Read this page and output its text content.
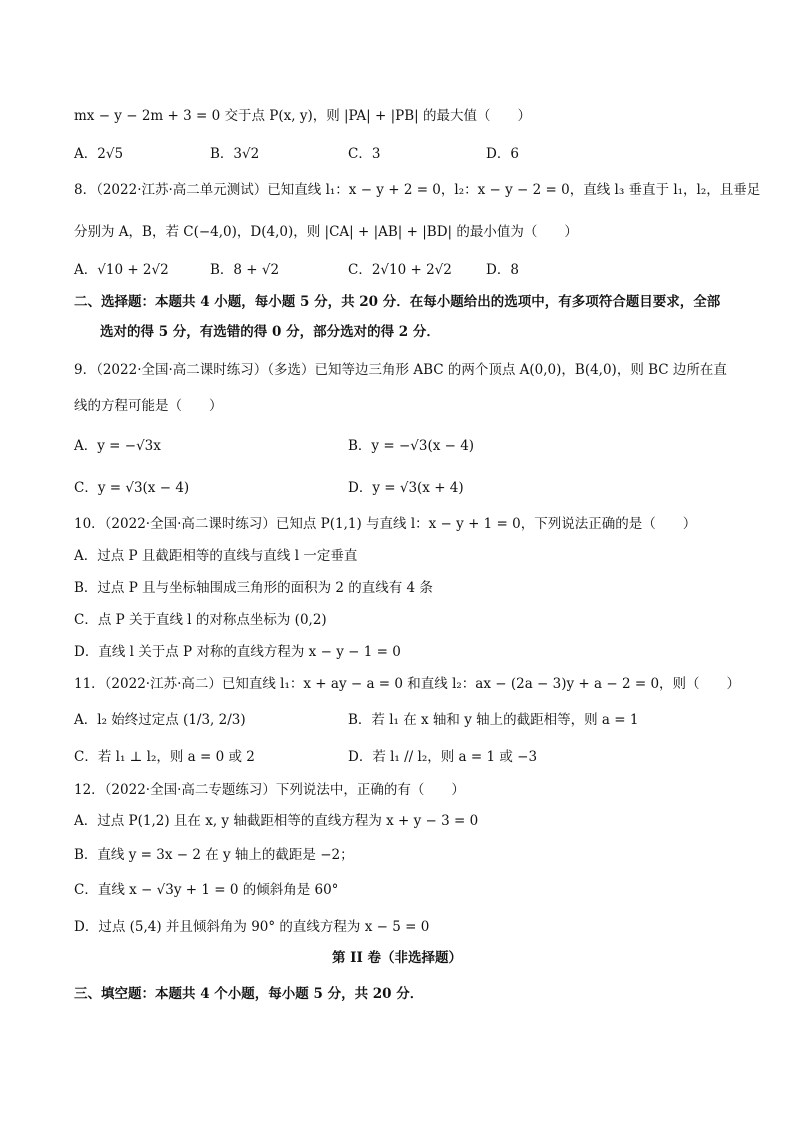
mx − y − 2m + 3 = 0 交于点 P(x, y)，则 |PA| + |PB| 的最大值（　　）
A．2√5	B．3√2	C．3	D．6
8．（2022·江苏·高二单元测试）已知直线 l₁：x − y + 2 = 0，l₂：x − y − 2 = 0，直线 l₃ 垂直于 l₁，l₂，且垂足
分别为 A，B，若 C(−4,0)，D(4,0)，则 |CA| + |AB| + |BD| 的最小值为（　　）
A．√10 + 2√2	B．8 + √2	C．2√10 + 2√2	D．8
二、选择题：本题共 4 小题，每小题 5 分，共 20 分．在每小题给出的选项中，有多项符合题目要求，全部
选对的得 5 分，有选错的得 0 分，部分选对的得 2 分．
9．（2022·全国·高二课时练习）（多选）已知等边三角形 ABC 的两个顶点 A(0,0)，B(4,0)，则 BC 边所在直
线的方程可能是（　　）
A．y = −√3x	B．y = −√3(x − 4)
C．y = √3(x − 4)	D．y = √3(x + 4)
10．（2022·全国·高二课时练习）已知点 P(1,1) 与直线 l：x − y + 1 = 0，下列说法正确的是（　　）
A．过点 P 且截距相等的直线与直线 l 一定垂直
B．过点 P 且与坐标轴围成三角形的面积为 2 的直线有 4 条
C．点 P 关于直线 l 的对称点坐标为 (0,2)
D．直线 l 关于点 P 对称的直线方程为 x − y − 1 = 0
11．（2022·江苏·高二）已知直线 l₁：x + ay − a = 0 和直线 l₂：ax − (2a − 3)y + a − 2 = 0，则（　　）
A．l₂ 始终过定点 (1/3, 2/3)	B．若 l₁ 在 x 轴和 y 轴上的截距相等，则 a = 1
C．若 l₁ ⊥ l₂，则 a = 0 或 2	D．若 l₁ // l₂，则 a = 1 或 −3
12．（2022·全国·高二专题练习）下列说法中，正确的有（　　）
A．过点 P(1,2) 且在 x, y 轴截距相等的直线方程为 x + y − 3 = 0
B．直线 y = 3x − 2 在 y 轴上的截距是 −2；
C．直线 x − √3y + 1 = 0 的倾斜角是 60°
D．过点 (5,4) 并且倾斜角为 90° 的直线方程为 x − 5 = 0
第 II 卷（非选择题）
三、填空题：本题共 4 个小题，每小题 5 分，共 20 分．
